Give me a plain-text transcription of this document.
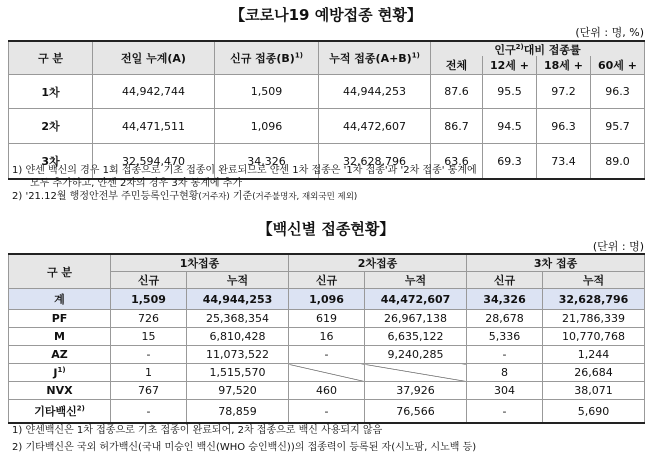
【코로나19 예방접종 현황】
(단위 : 명, %)
구 분	전일 누계(A)	신규 접종$(B)^{1)}$	누적 접종$(A+B)^{1)}$	인구$^{2)}$대비 접종률			
				전체	12세 +	18세 +	60세 +
1차	44,942,744	1,509	44,944,253	87.6	95.5	97.2	96.3
2차	44,471,511	1,096	44,472,607	86.7	94.5	96.3	95.7
3차	32,594,470	34,326	32,628,796	63.6	69.3	73.4	89.0
1) 얀센 백신의 경우 1회 접종으로 기초 접종이 완료되므로 얀센 1차 접종은 '1차 접종'과 '2차 접종' 통계에
모두 추가하고, 얀센 2차의 경우 3차 통계에 추가
2) '21.12월 행정안전부 주민등록인구현황(거주자) 기준(거주불명자, 재외국민 제외)
【백신별 접종현황】
(단위 : 명)
구 분	1차접종		2차접종		3차 접종	
	신규	누적	신규	누적	신규	누적
계	1,509	44,944,253	1,096	44,472,607	34,326	32,628,796
PF	726	25,368,354	619	26,967,138	28,678	21,786,339
M	15	6,810,428	16	6,635,122	5,336	10,770,768
AZ	-	11,073,522	-	9,240,285	-	1,244
$J^{1)}$	1	1,515,570			8	26,684
NVX	767	97,520	460	37,926	304	38,071
기타백신$^{2)}$	-	78,859	-	76,566	-	5,690
1) 얀센백신은 1차 접종으로 기초 접종이 완료되어, 2차 접종으로 백신 사용되지 않음
2) 기타백신은 국외 허가백신(국내 미승인 백신(WHO 승인백신))의 접종력이 등록된 자(시노팜, 시노백 등)
